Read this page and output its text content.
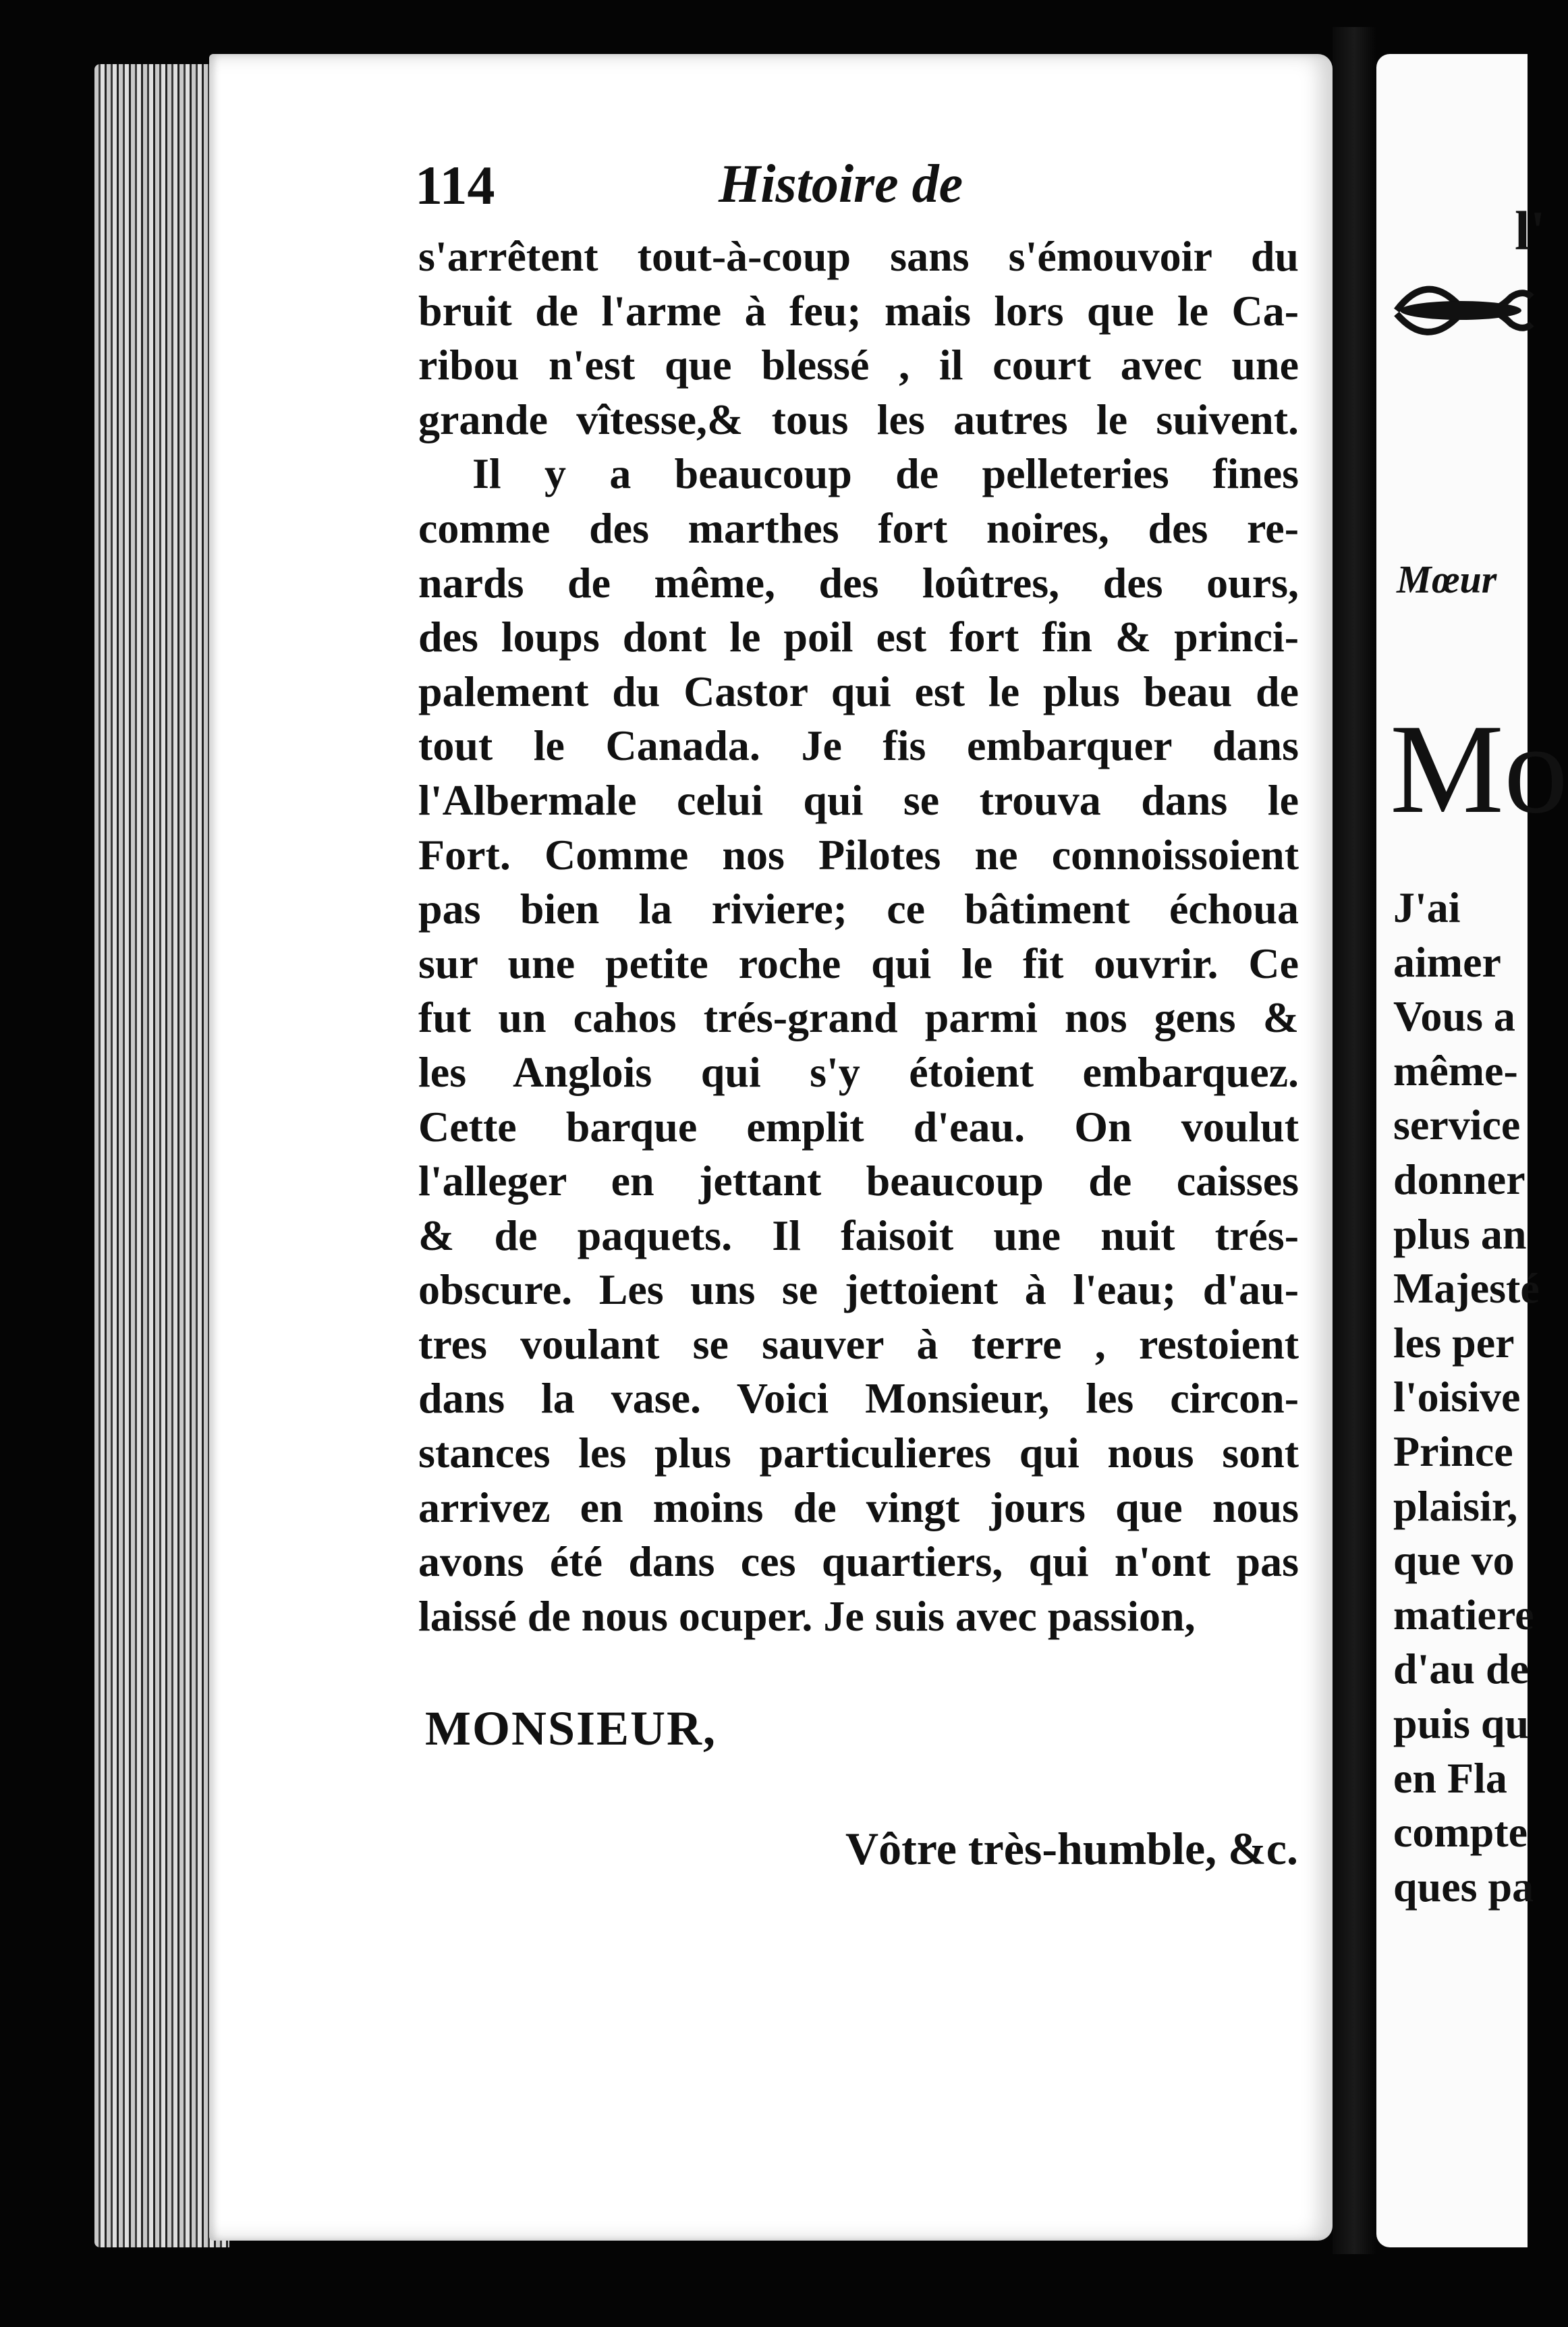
114	Histoire de
s'arrêtent tout-à-coup sans s'émouvoir du
bruit de l'arme à feu; mais lors que le Ca-
ribou n'est que blessé , il court avec une
grande vîtesse,& tous les autres le suivent.
Il y a beaucoup de pelleteries fines
comme des marthes fort noires, des re-
nards de même, des loûtres, des ours,
des loups dont le poil est fort fin & princi-
palement du Castor qui est le plus beau de
tout le Canada. Je fis embarquer dans
l'Albermale celui qui se trouva dans le
Fort. Comme nos Pilotes ne connoissoient
pas bien la riviere; ce bâtiment échoua
sur une petite roche qui le fit ouvrir. Ce
fut un cahos trés-grand parmi nos gens &
les Anglois qui s'y étoient embarquez.
Cette barque emplit d'eau. On voulut
l'alleger en jettant beaucoup de caisses
& de paquets. Il faisoit une nuit trés-
obscure. Les uns se jettoient à l'eau; d'au-
tres voulant se sauver à terre , restoient
dans la vase. Voici Monsieur, les circon-
stances les plus particulieres qui nous sont
arrivez en moins de vingt jours que nous
avons été dans ces quartiers, qui n'ont pas
laissé de nous ocuper. Je suis avec passion,
MONSIEUR,
Vôtre très-humble, &c.
l'
Mœur
Mo
J'ai
aimer
Vous a
même-
service
donner
plus an
Majesté
les per
l'oisive
Prince
plaisir,
que vo
matiere
d'au de
puis qu
en Fla
compte
ques pa
